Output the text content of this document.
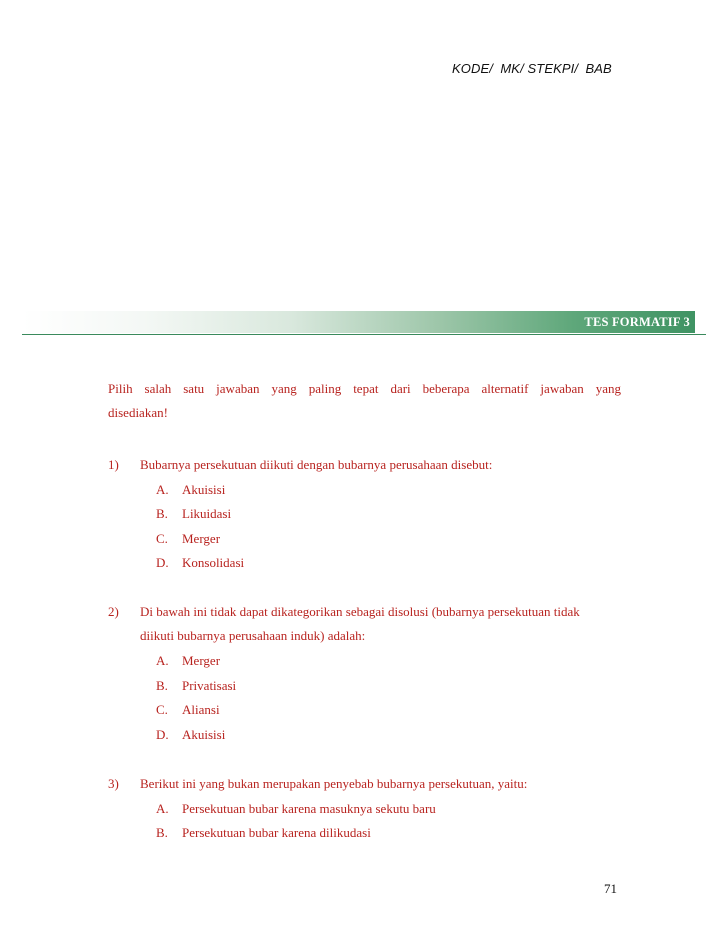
KODE/  MK/ STEKPI/  BAB
TES FORMATIF 3
Pilih salah satu jawaban yang paling tepat dari beberapa alternatif jawaban yang
disediakan!
1) Bubarnya persekutuan diikuti dengan bubarnya perusahaan disebut:
A. Akuisisi
B. Likuidasi
C. Merger
D. Konsolidasi
2) Di bawah ini tidak dapat dikategorikan sebagai disolusi (bubarnya persekutuan tidak
diikuti bubarnya perusahaan induk) adalah:
A. Merger
B. Privatisasi
C. Aliansi
D. Akuisisi
3) Berikut ini yang bukan merupakan penyebab bubarnya persekutuan, yaitu:
A. Persekutuan bubar karena masuknya sekutu baru
B. Persekutuan bubar karena dilikudasi
71
